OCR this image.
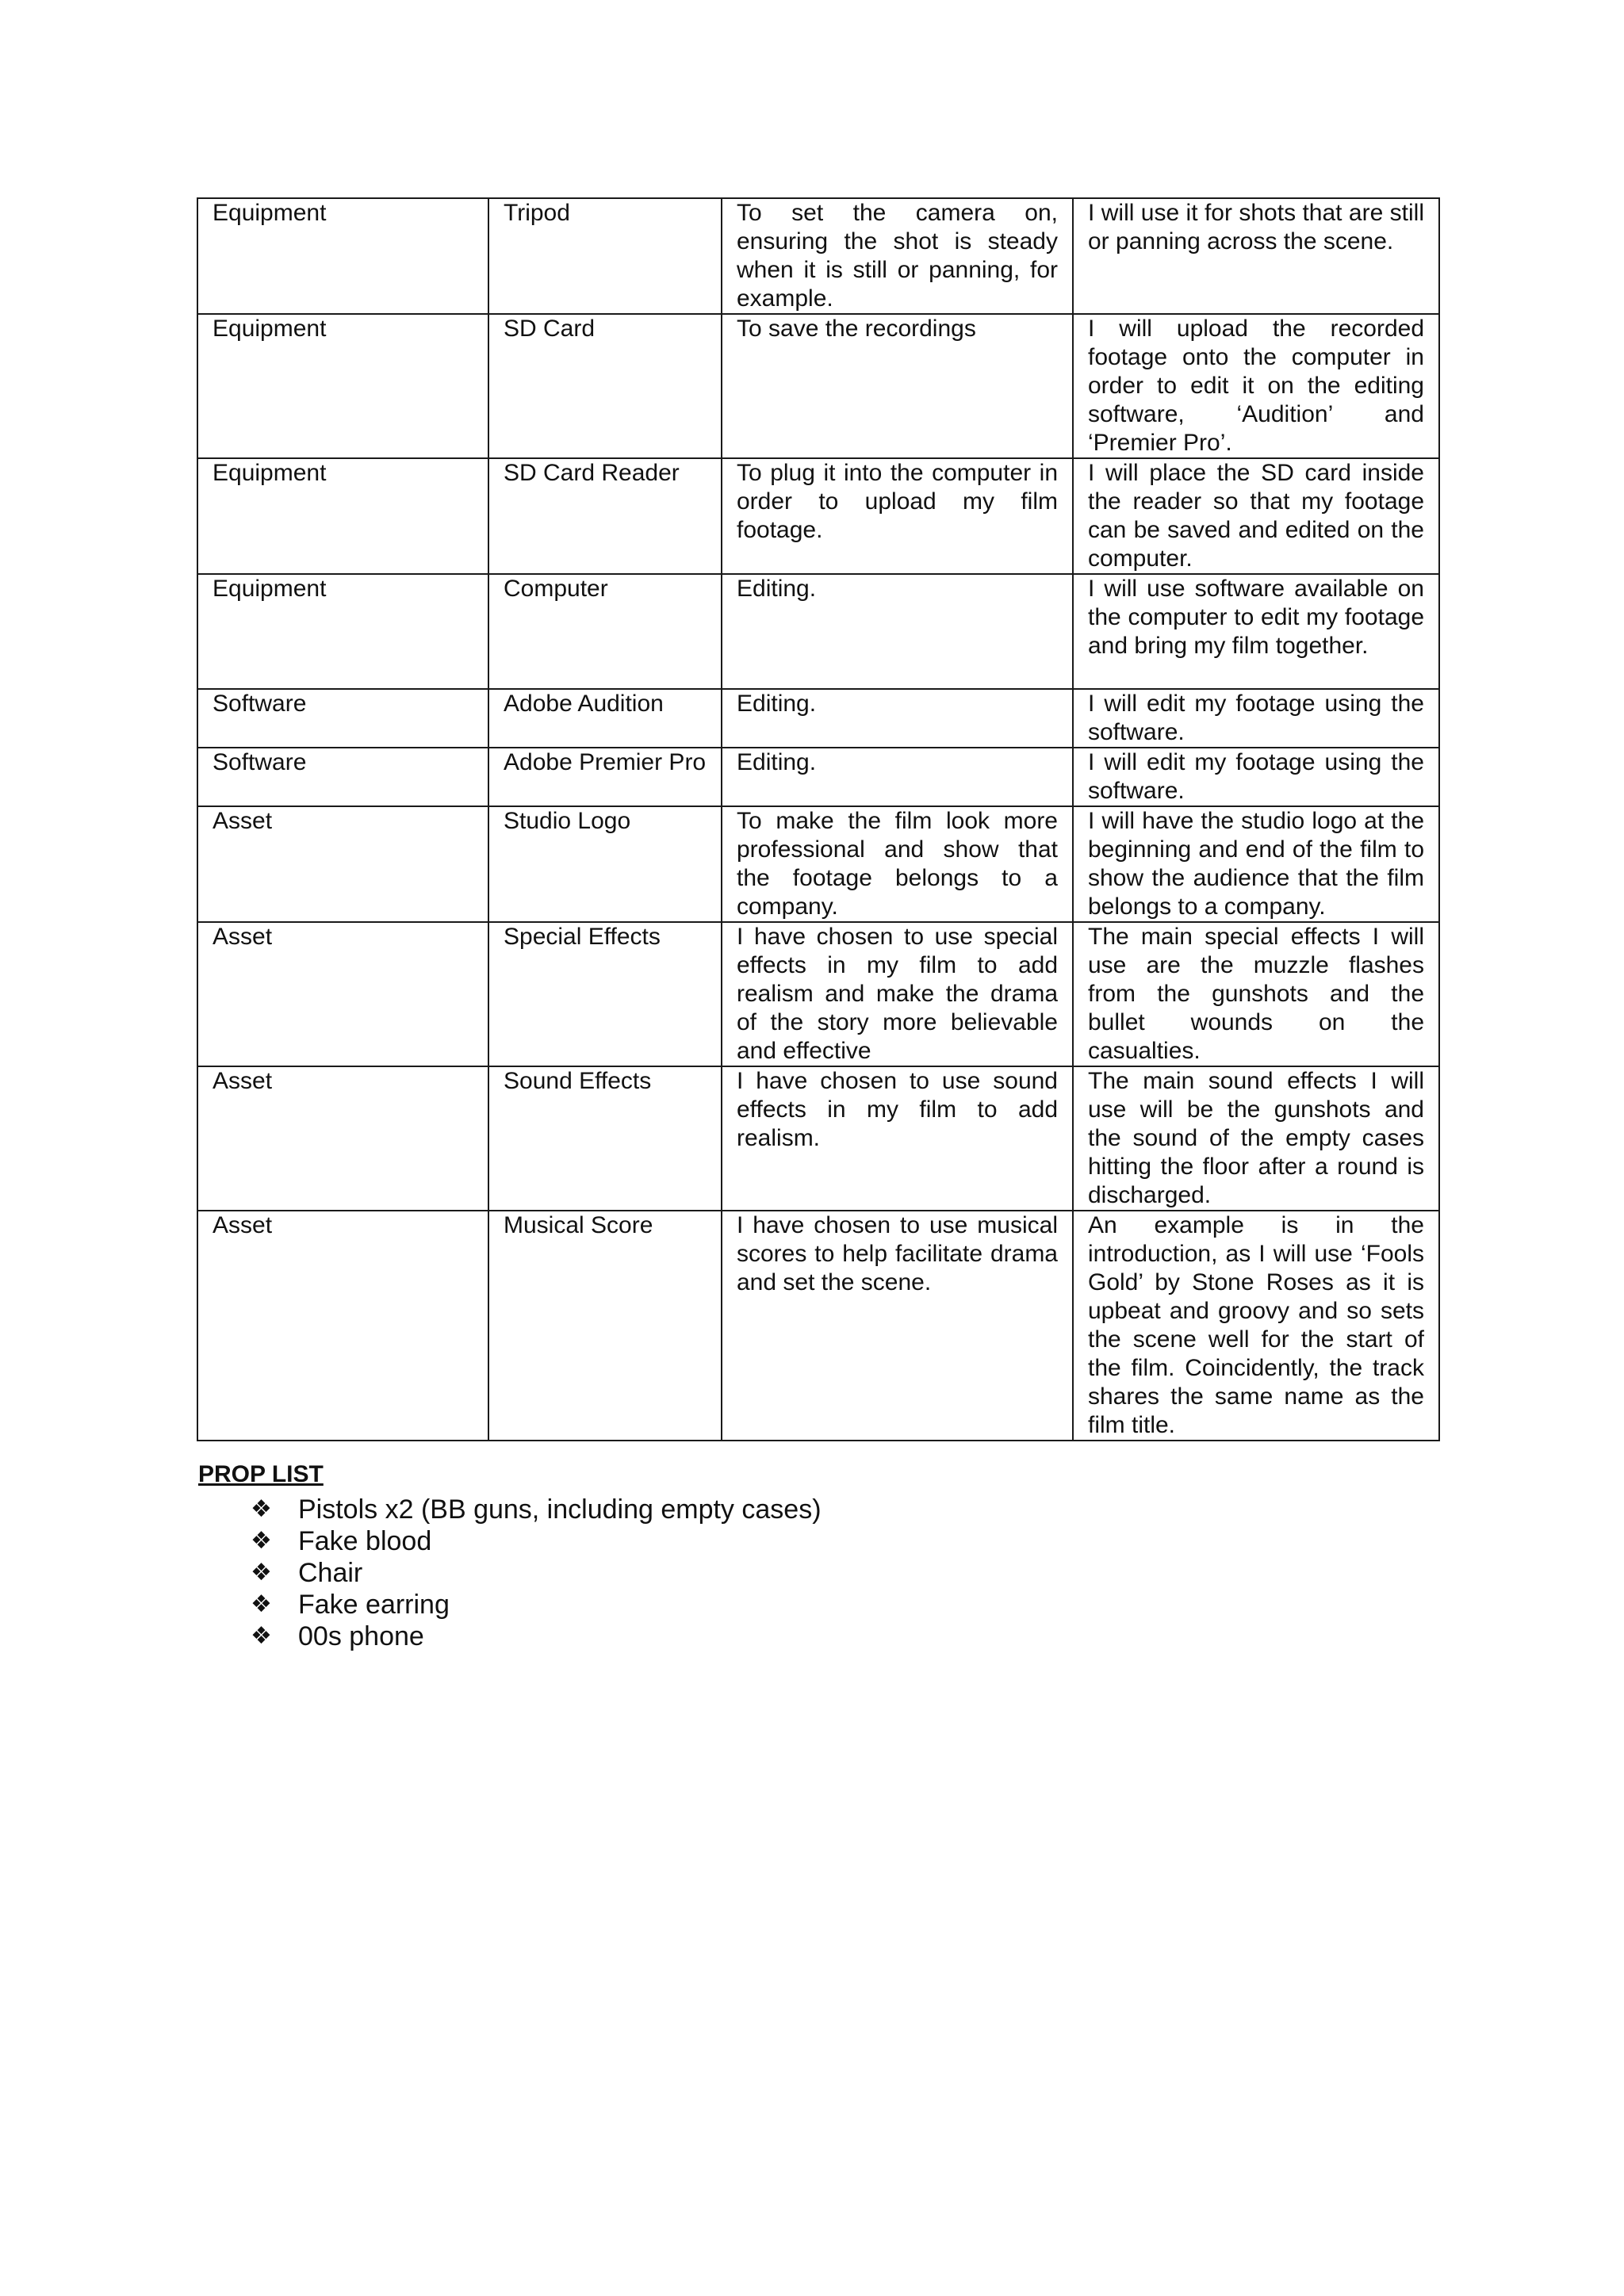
Equipment	Tripod	To set the camera on, ensuring the shot is steady when it is still or panning, for example.	I will use it for shots that are still or panning across the scene.
Equipment	SD Card	To save the recordings	I will upload the recorded footage onto the computer in order to edit it on the editing software, ‘Audition’ and ‘Premier Pro’.
Equipment	SD Card Reader	To plug it into the computer in order to upload my film footage.	I will place the SD card inside the reader so that my footage can be saved and edited on the computer.
Equipment	Computer	Editing.	I will use software available on the computer to edit my footage and bring my film together.
Software	Adobe Audition	Editing.	I will edit my footage using the software.
Software	Adobe Premier Pro	Editing.	I will edit my footage using the software.
Asset	Studio Logo	To make the film look more professional and show that the footage belongs to a company.	I will have the studio logo at the beginning and end of the film to show the audience that the film belongs to a company.
Asset	Special Effects	I have chosen to use special effects in my film to add realism and make the drama of the story more believable and effective	The main special effects I will use are the muzzle flashes from the gunshots and the bullet wounds on the casualties.
Asset	Sound Effects	I have chosen to use sound effects in my film to add realism.	The main sound effects I will use will be the gunshots and the sound of the empty cases hitting the floor after a round is discharged.
Asset	Musical Score	I have chosen to use musical scores to help facilitate drama and set the scene.	An example is in the introduction, as I will use ‘Fools Gold’ by Stone Roses as it is upbeat and groovy and so sets the scene well for the start of the film. Coincidently, the track shares the same name as the film title.
PROP LIST
❖ Pistols x2 (BB guns, including empty cases)
❖ Fake blood
❖ Chair
❖ Fake earring
❖ 00s phone
